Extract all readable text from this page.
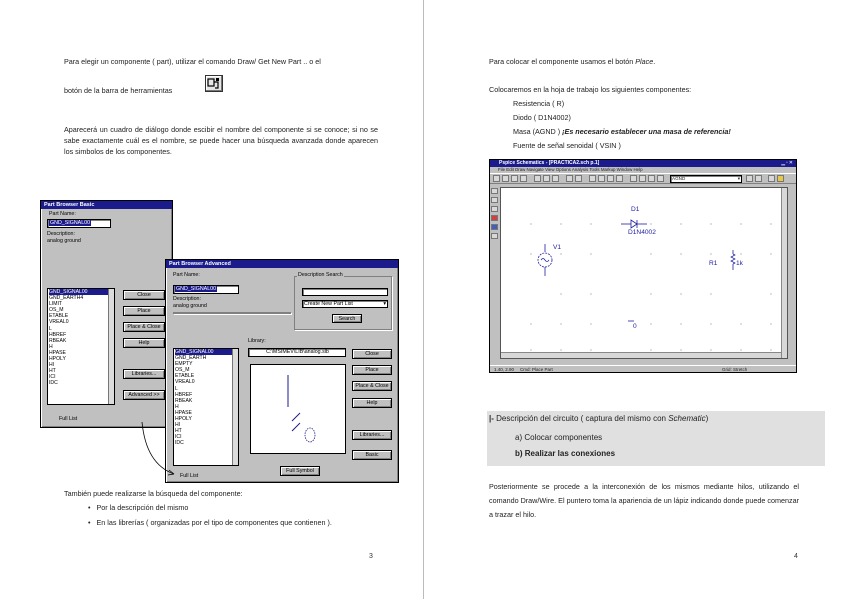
Para elegir un componente ( part), utilizar el comando Draw/ Get New Part .. o el
botón de la barra de herramientas
Aparecerá un cuadro de diálogo donde escibir el nombre del componente si se conoce; si no se sabe exactamente cuál es el nombre, se puede hacer una búsqueda avanzada donde aparecen los simbolos de los componentes.
Part Browser Basic
Part Name:
GND_SIGNAL00
Description:
analog ground
GND_SIGNAL00
GND_EARTH4
LIMIT
OS_M
ETABLE
VREAL0
L
HBREF
RBEAK
H
HPASE
HPOLY
HI
HT
ICI
IDC
Close
Place
Place & Close
Help
Libraries...
Advanced >>
Full List
Part Browser Advanced
Part Name:
GND_SIGNAL00
Description:
analog ground
Description Search
Create New Part List	▾
Search
Library:
C:\MSIMEV\LIB\analog.slb
GND_SIGNAL00
GND_EARTH
EMPTY
OS_M
ETABLE
VREAL0
L
HBREF
RBEAK
H
HPASE
HPOLY
HI
HT
ICI
IDC
Close
Place
Place & Close
Help
Libraries...
Basic
Full Symbol
Full List
También puede realizarse la búsqueda del componente:
•   Por la descripción del mismo
•   En las librerías ( organizadas por el tipo de componentes que contienen ).
3
Para colocar el componente usamos el botón Place.
Colocaremos en la hoja de trabajo los siguientes componentes:
Resistencia ( R)
Diodo ( D1N4002)
Masa (AGND ) ¡Es necesario establecer una masa de referencia!
Fuente de señal senoidal ( VSIN )
Pspice Schematics - [PRACTICA2.sch p.1]	▁▫✕
File Edit Draw Navigate View Options Analysis Tools Markup Window Help
AGND	▾
D1
D1N4002
V1
R1	1k
0
1.40, 2.90 Cmd: Place Part	Grid: Stretch
|- Descripción del circuito ( captura del mismo con Schematic)
a) Colocar componentes
b) Realizar las conexiones
Posteriormente se procede a la interconexión de los mismos mediante hilos, utilizando el comando Draw/Wire. El puntero toma la apariencia de un lápiz indicando donde puede comenzar a trazar el hilo.
4
